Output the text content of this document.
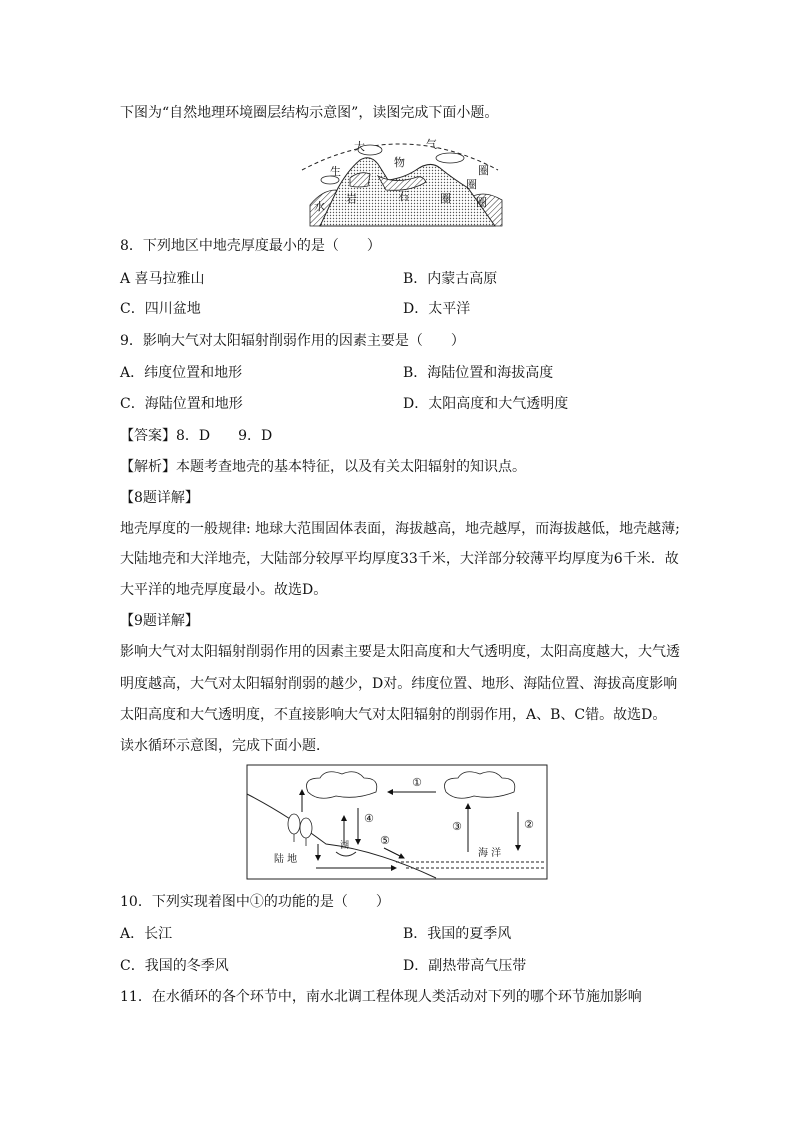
下图为“自然地理环境圈层结构示意图”，读图完成下面小题。
大	气
生
物
圈
圈
水
岩	石	圈 圈
8．下列地区中地壳厚度最小的是（　　）
A 喜马拉雅山	B．内蒙古高原
C．四川盆地	D．太平洋
9．影响大气对太阳辐射削弱作用的因素主要是（　　）
A．纬度位置和地形	B．海陆位置和海拔高度
C．海陆位置和地形	D．太阳高度和大气透明度
【答案】8．D　　9．D
【解析】本题考查地壳的基本特征，以及有关太阳辐射的知识点。
【8题详解】
地壳厚度的一般规律: 地球大范围固体表面，海拔越高，地壳越厚，而海拔越低，地壳越薄;
大陆地壳和大洋地壳，大陆部分较厚平均厚度33千米，大洋部分较薄平均厚度为6千米．故
大平洋的地壳厚度最小。故选D。
【9题详解】
影响大气对太阳辐射削弱作用的因素主要是太阳高度和大气透明度，太阳高度越大，大气透
明度越高，大气对太阳辐射削弱的越少，D对。纬度位置、地形、海陆位置、海拔高度影响
太阳高度和大气透明度，不直接影响大气对太阳辐射的削弱作用，A、B、C错。故选D。
读水循环示意图，完成下面小题．
①
②
③
④
⑤
陆 地
湖
海 洋
10．下列实现着图中①的功能的是（　　）
A．长江	B．我国的夏季风
C．我国的冬季风	D．副热带高气压带
11．在水循环的各个环节中，南水北调工程体现人类活动对下列的哪个环节施加影响
